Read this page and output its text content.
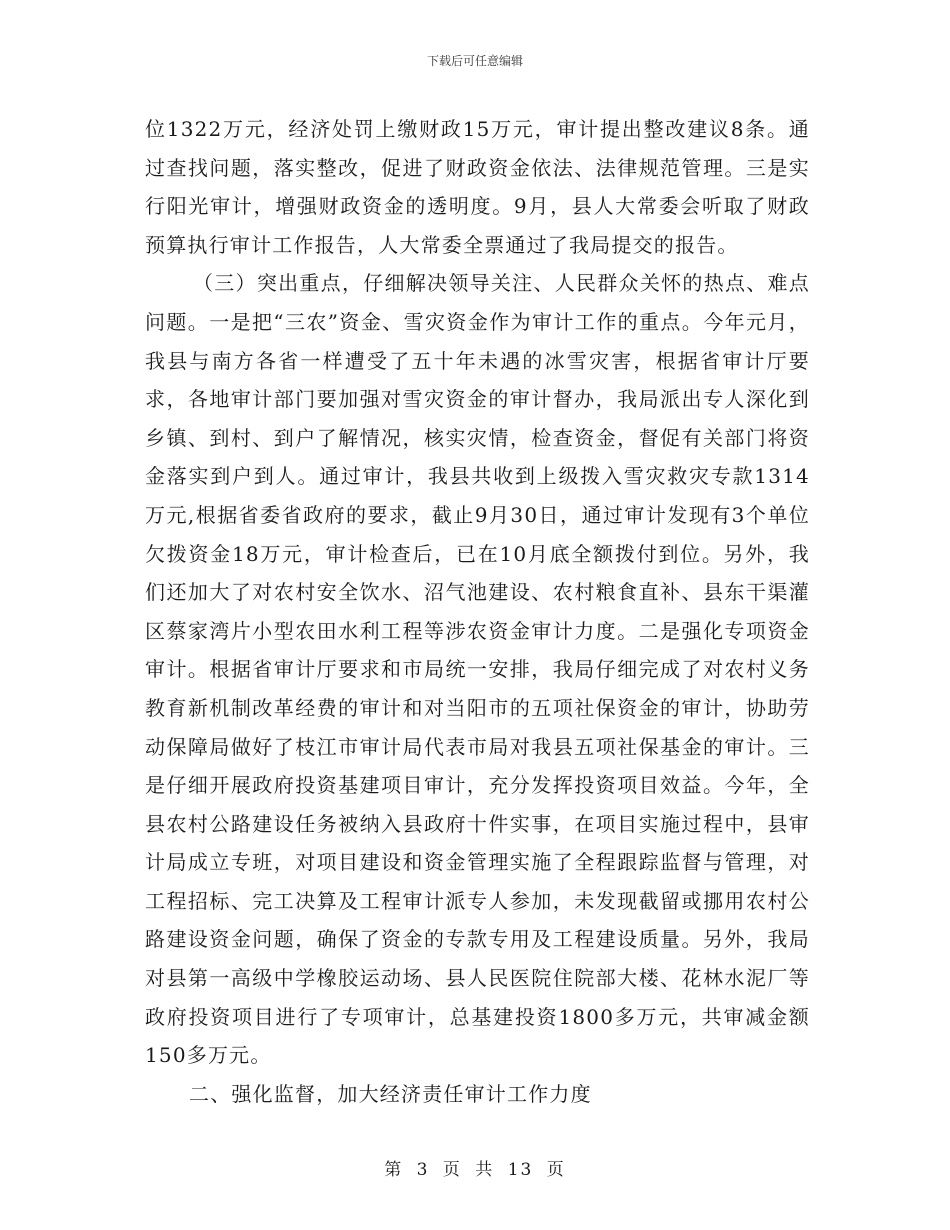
下载后可任意编辑

位1322万元，经济处罚上缴财政15万元，审计提出整改建议8条。通过查找问题，落实整改，促进了财政资金依法、法律规范管理。三是实行阳光审计，增强财政资金的透明度。9月，县人大常委会听取了财政预算执行审计工作报告，人大常委全票通过了我局提交的报告。

（三）突出重点，仔细解决领导关注、人民群众关怀的热点、难点问题。一是把“三农”资金、雪灾资金作为审计工作的重点。今年元月，我县与南方各省一样遭受了五十年未遇的冰雪灾害，根据省审计厅要求，各地审计部门要加强对雪灾资金的审计督办，我局派出专人深化到乡镇、到村、到户了解情况，核实灾情，检查资金，督促有关部门将资金落实到户到人。通过审计，我县共收到上级拨入雪灾救灾专款1314万元,根据省委省政府的要求，截止9月30日，通过审计发现有3个单位欠拨资金18万元，审计检查后，已在10月底全额拨付到位。另外，我们还加大了对农村安全饮水、沼气池建设、农村粮食直补、县东干渠灌区蔡家湾片小型农田水利工程等涉农资金审计力度。二是强化专项资金审计。根据省审计厅要求和市局统一安排，我局仔细完成了对农村义务教育新机制改革经费的审计和对当阳市的五项社保资金的审计，协助劳动保障局做好了枝江市审计局代表市局对我县五项社保基金的审计。三是仔细开展政府投资基建项目审计，充分发挥投资项目效益。今年，全县农村公路建设任务被纳入县政府十件实事，在项目实施过程中，县审计局成立专班，对项目建设和资金管理实施了全程跟踪监督与管理，对工程招标、完工决算及工程审计派专人参加，未发现截留或挪用农村公路建设资金问题，确保了资金的专款专用及工程建设质量。另外，我局对县第一高级中学橡胶运动场、县人民医院住院部大楼、花林水泥厂等政府投资项目进行了专项审计，总基建投资1800多万元，共审减金额150多万元。

二、强化监督，加大经济责任审计工作力度

第 3 页 共 13 页
